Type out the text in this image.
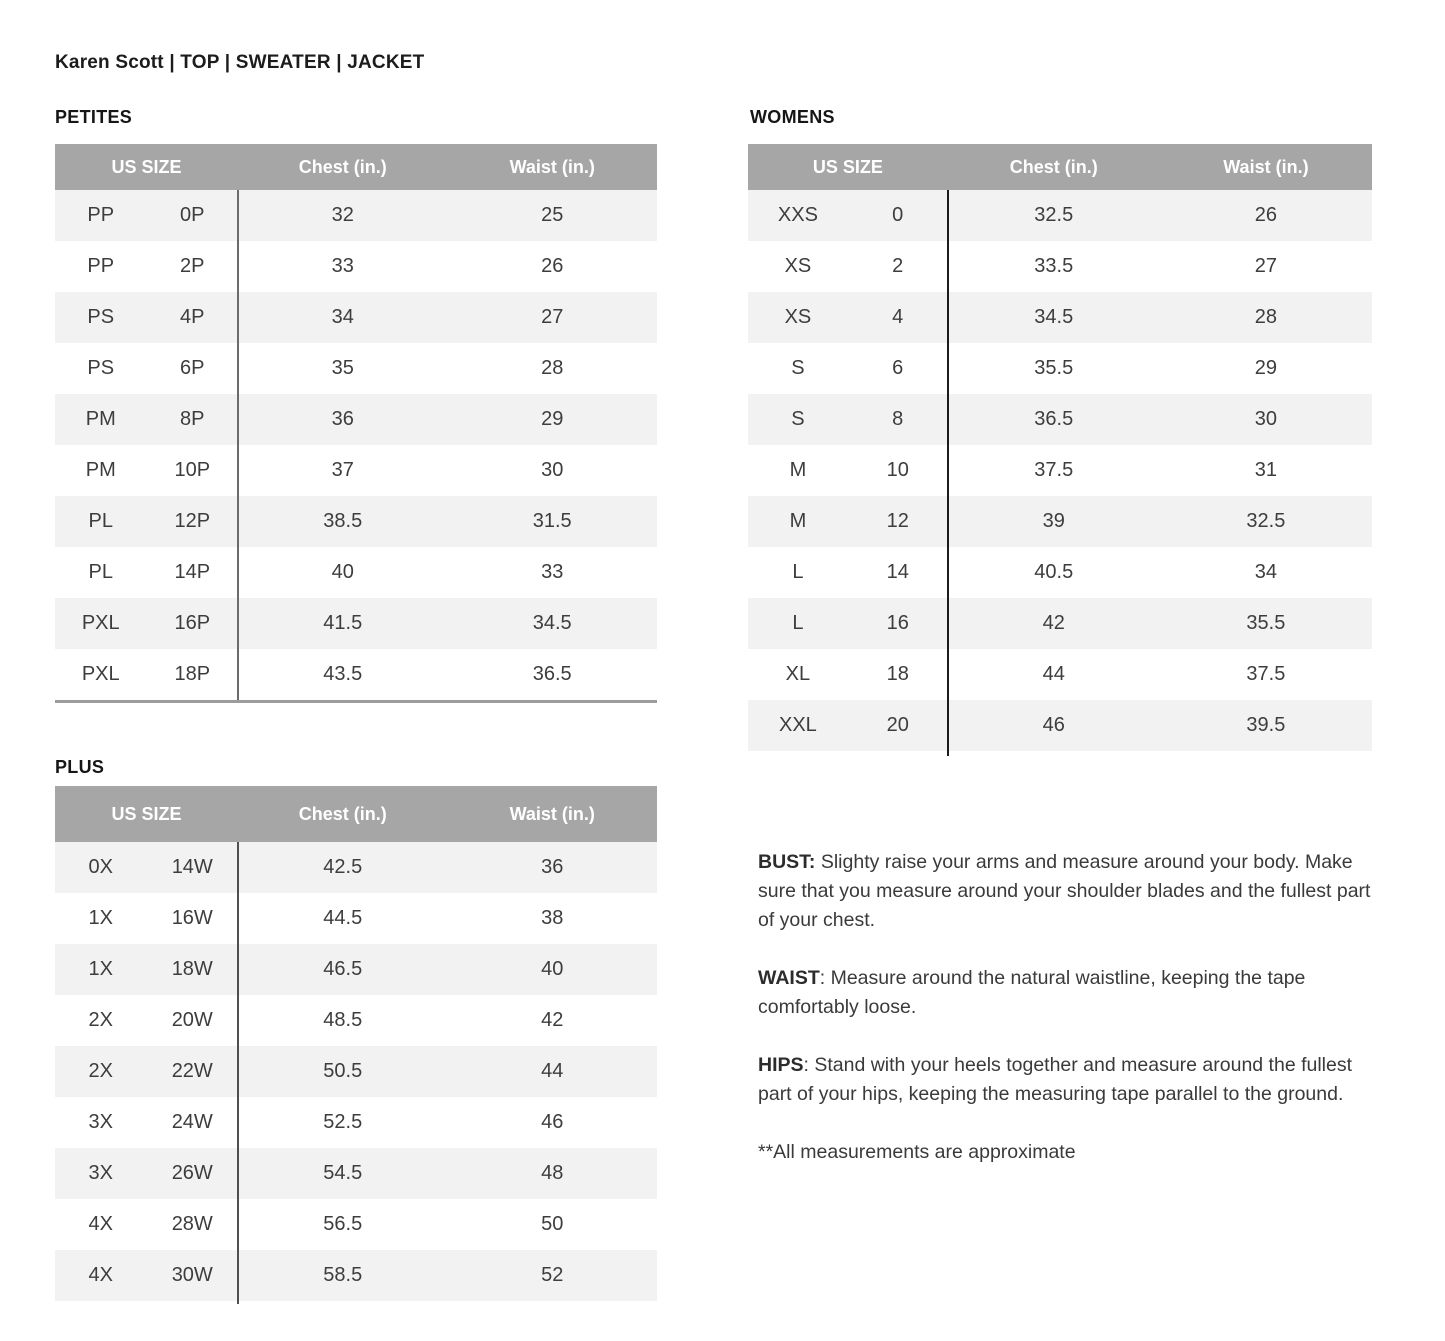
Karen Scott | TOP | SWEATER | JACKET
PETITES
US SIZE	Chest (in.)	Waist (in.)
PP	0P	32	25
PP	2P	33	26
PS	4P	34	27
PS	6P	35	28
PM	8P	36	29
PM	10P	37	30
PL	12P	38.5	31.5
PL	14P	40	33
PXL	16P	41.5	34.5
PXL	18P	43.5	36.5
WOMENS
US SIZE	Chest (in.)	Waist (in.)
XXS	0	32.5	26
XS	2	33.5	27
XS	4	34.5	28
S	6	35.5	29
S	8	36.5	30
M	10	37.5	31
M	12	39	32.5
L	14	40.5	34
L	16	42	35.5
XL	18	44	37.5
XXL	20	46	39.5
PLUS
US SIZE	Chest (in.)	Waist (in.)
0X	14W	42.5	36
1X	16W	44.5	38
1X	18W	46.5	40
2X	20W	48.5	42
2X	22W	50.5	44
3X	24W	52.5	46
3X	26W	54.5	48
4X	28W	56.5	50
4X	30W	58.5	52

BUST: Slighty raise your arms and measure around your body. Make sure that you measure around your shoulder blades and the fullest part of your chest.

WAIST: Measure around the natural waistline, keeping the tape comfortably loose.

HIPS: Stand with your heels together and measure around the fullest part of your hips, keeping the measuring tape parallel to the ground.

**All measurements are approximate
